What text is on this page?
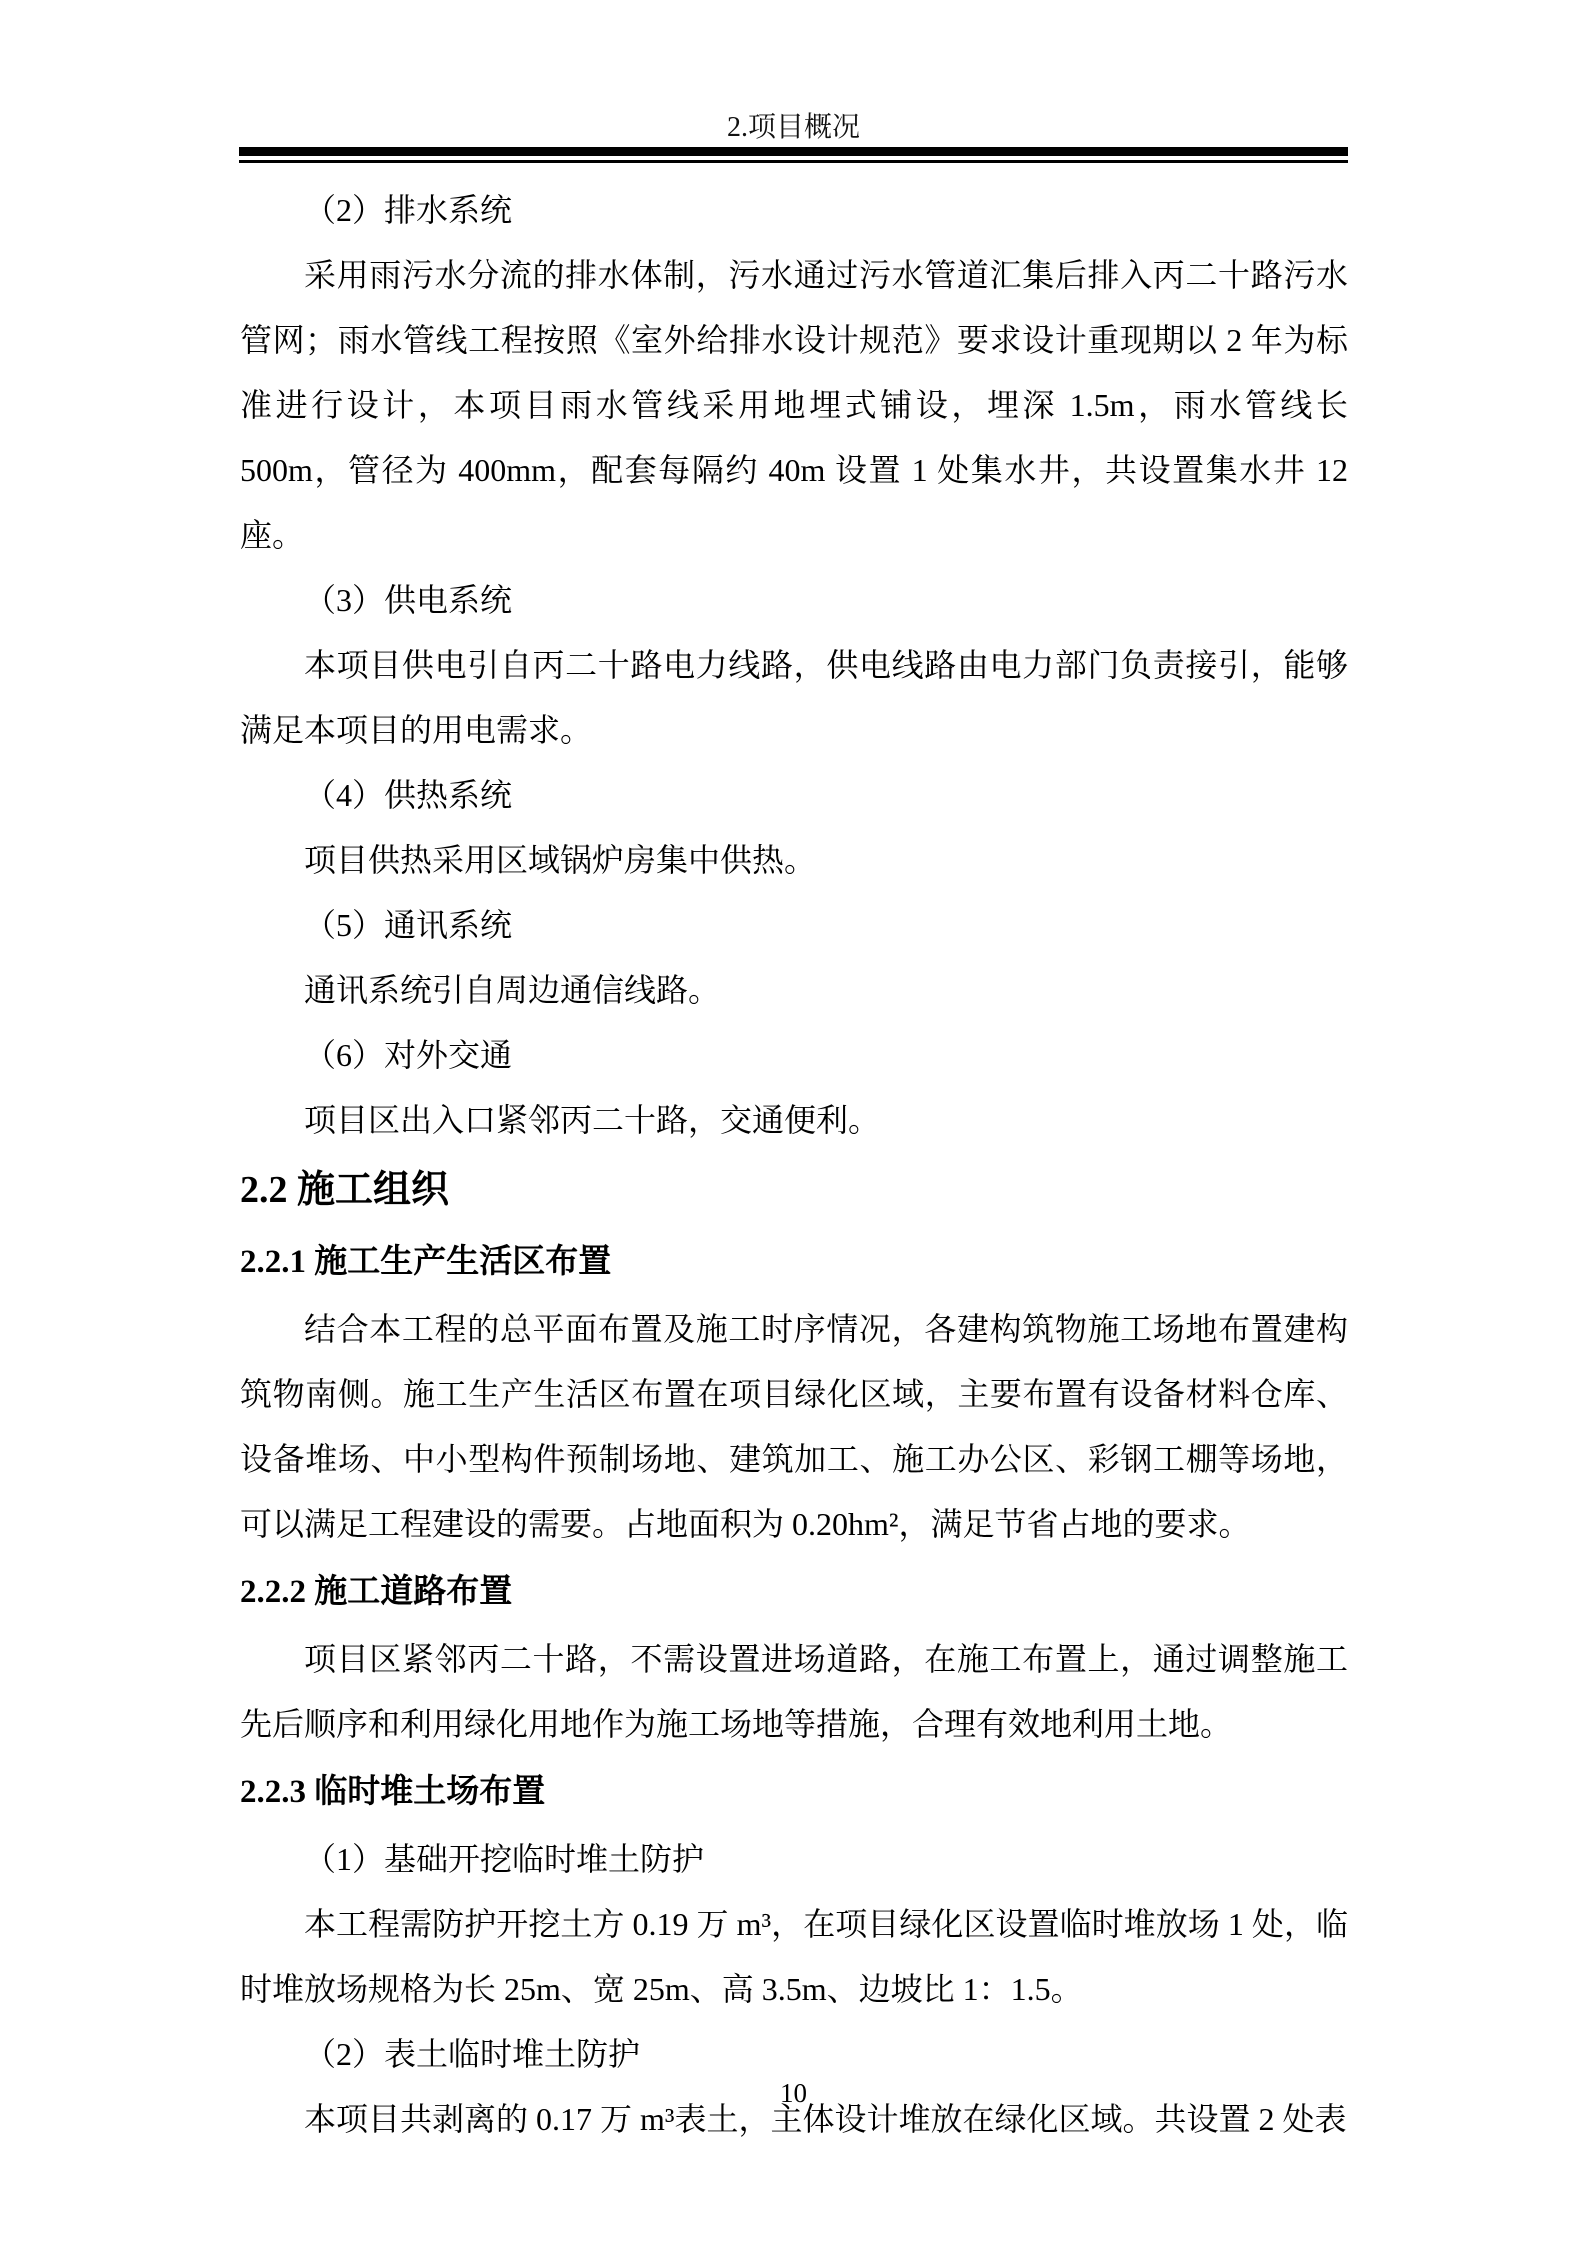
2.项目概况

（2）排水系统

采用雨污水分流的排水体制，污水通过污水管道汇集后排入丙二十路污水管网；雨水管线工程按照《室外给排水设计规范》要求设计重现期以 2 年为标准进行设计，本项目雨水管线采用地埋式铺设，埋深 1.5m，雨水管线长 500m，管径为 400mm，配套每隔约 40m 设置 1 处集水井，共设置集水井 12 座。

（3）供电系统

本项目供电引自丙二十路电力线路，供电线路由电力部门负责接引，能够满足本项目的用电需求。

（4）供热系统

项目供热采用区域锅炉房集中供热。

（5）通讯系统

通讯系统引自周边通信线路。

（6）对外交通

项目区出入口紧邻丙二十路，交通便利。

2.2 施工组织

2.2.1 施工生产生活区布置

结合本工程的总平面布置及施工时序情况，各建构筑物施工场地布置建构筑物南侧。施工生产生活区布置在项目绿化区域，主要布置有设备材料仓库、设备堆场、中小型构件预制场地、建筑加工、施工办公区、彩钢工棚等场地，可以满足工程建设的需要。占地面积为 0.20hm²，满足节省占地的要求。

2.2.2 施工道路布置

项目区紧邻丙二十路，不需设置进场道路，在施工布置上，通过调整施工先后顺序和利用绿化用地作为施工场地等措施，合理有效地利用土地。

2.2.3 临时堆土场布置

（1）基础开挖临时堆土防护

本工程需防护开挖土方 0.19 万 m³，在项目绿化区设置临时堆放场 1 处，临时堆放场规格为长 25m、宽 25m、高 3.5m、边坡比 1：1.5。

（2）表土临时堆土防护

本项目共剥离的 0.17 万 m³表土，主体设计堆放在绿化区域。共设置 2 处表

10
